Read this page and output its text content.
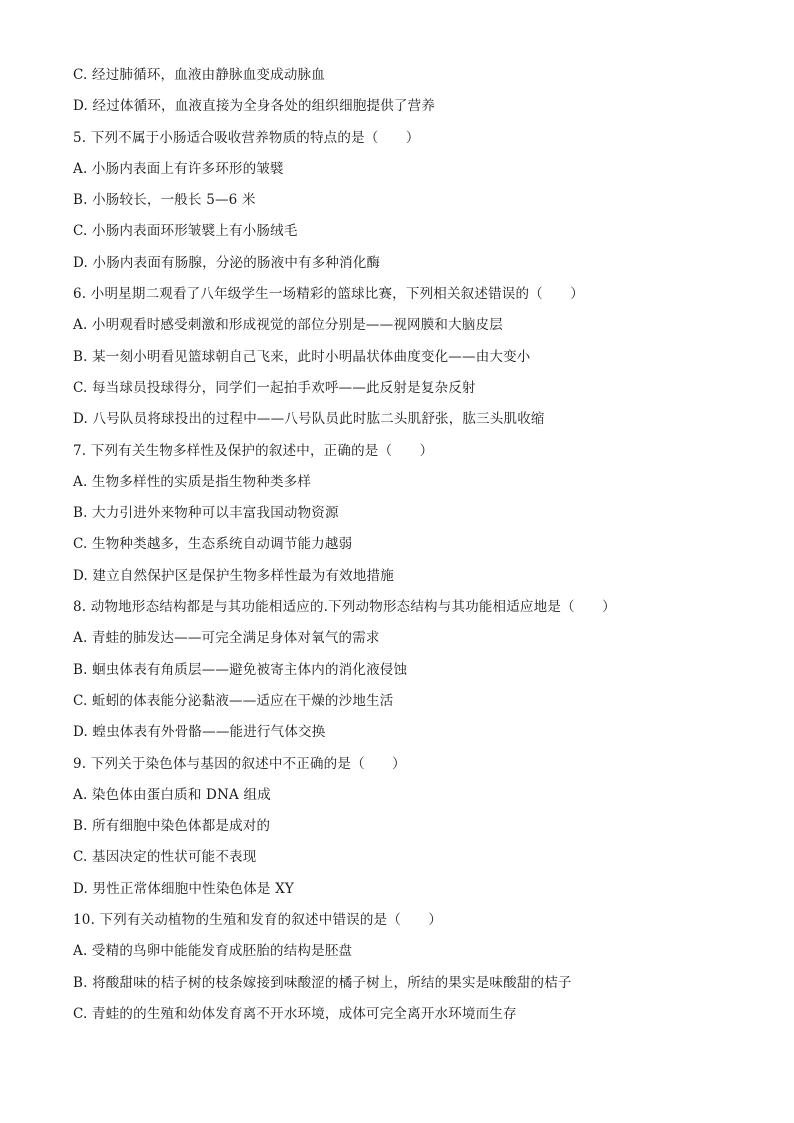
C. 经过肺循环，血液由静脉血变成动脉血
D. 经过体循环，血液直接为全身各处的组织细胞提供了营养
5. 下列不属于小肠适合吸收营养物质的特点的是（　　）
A. 小肠内表面上有许多环形的皱襞
B. 小肠较长，一般长 5—6 米
C. 小肠内表面环形皱襞上有小肠绒毛
D. 小肠内表面有肠腺，分泌的肠液中有多种消化酶
6. 小明星期二观看了八年级学生一场精彩的篮球比赛，下列相关叙述错误的（　　）
A. 小明观看时感受刺激和形成视觉的部位分别是——视网膜和大脑皮层
B. 某一刻小明看见篮球朝自己飞来，此时小明晶状体曲度变化——由大变小
C. 每当球员投球得分，同学们一起拍手欢呼——此反射是复杂反射
D. 八号队员将球投出的过程中——八号队员此时肱二头肌舒张，肱三头肌收缩
7. 下列有关生物多样性及保护的叙述中，正确的是（　　）
A. 生物多样性的实质是指生物种类多样
B. 大力引进外来物种可以丰富我国动物资源
C. 生物种类越多，生态系统自动调节能力越弱
D. 建立自然保护区是保护生物多样性最为有效地措施
8. 动物地形态结构都是与其功能相适应的.下列动物形态结构与其功能相适应地是（　　）
A. 青蛙的肺发达——可完全满足身体对氧气的需求
B. 蛔虫体表有角质层——避免被寄主体内的消化液侵蚀
C. 蚯蚓的体表能分泌黏液——适应在干燥的沙地生活
D. 蝗虫体表有外骨骼——能进行气体交换
9. 下列关于染色体与基因的叙述中不正确的是（　　）
A. 染色体由蛋白质和 DNA 组成
B. 所有细胞中染色体都是成对的
C. 基因决定的性状可能不表现
D. 男性正常体细胞中性染色体是 XY
10. 下列有关动植物的生殖和发育的叙述中错误的是（　　）
A. 受精的鸟卵中能能发育成胚胎的结构是胚盘
B. 将酸甜味的桔子树的枝条嫁接到味酸涩的橘子树上，所结的果实是味酸甜的桔子
C. 青蛙的的生殖和幼体发育离不开水环境，成体可完全离开水环境而生存
